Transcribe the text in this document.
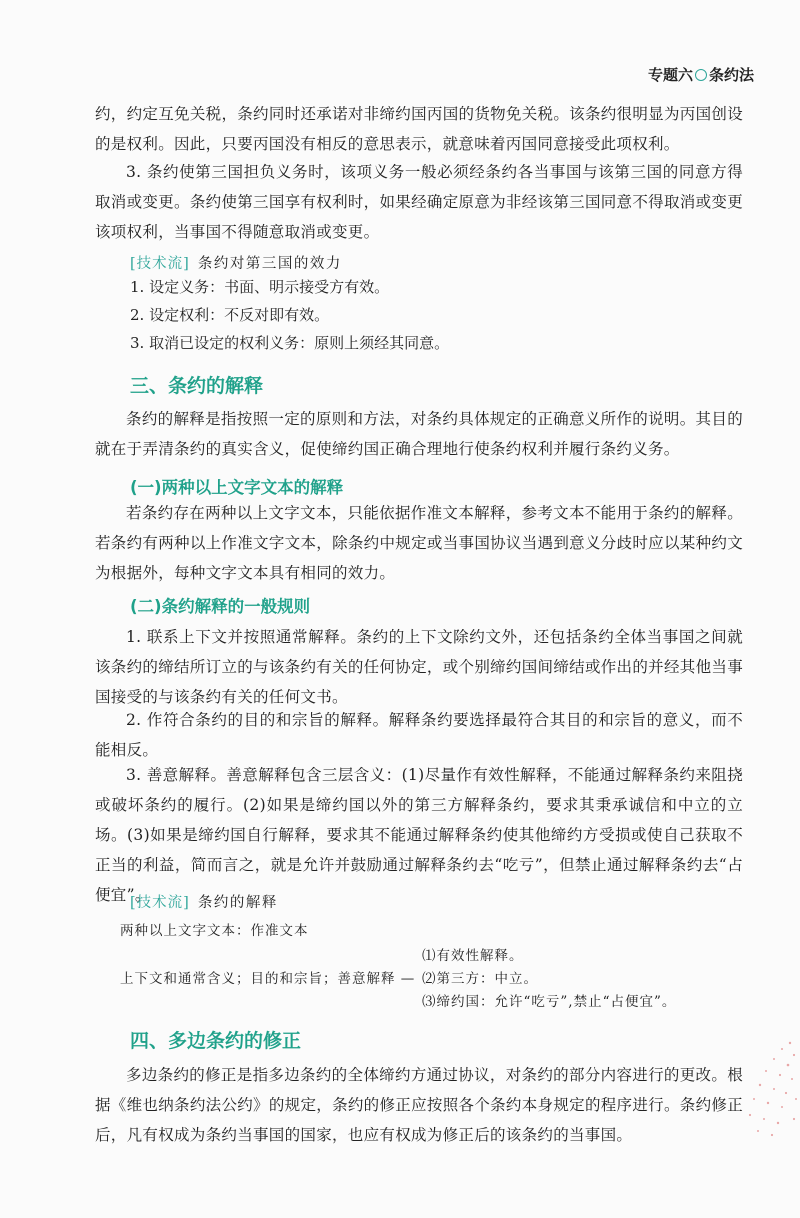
专题六 条约法

约，约定互免关税，条约同时还承诺对非缔约国丙国的货物免关税。该条约很明显为丙国创设的是权利。因此，只要丙国没有相反的意思表示，就意味着丙国同意接受此项权利。

3. 条约使第三国担负义务时，该项义务一般必须经条约各当事国与该第三国的同意方得取消或变更。条约使第三国享有权利时，如果经确定原意为非经该第三国同意不得取消或变更该项权利，当事国不得随意取消或变更。

[技术流] 条约对第三国的效力
1. 设定义务：书面、明示接受方有效。
2. 设定权利：不反对即有效。
3. 取消已设定的权利义务：原则上须经其同意。
三、条约的解释

条约的解释是指按照一定的原则和方法，对条约具体规定的正确意义所作的说明。其目的就在于弄清条约的真实含义，促使缔约国正确合理地行使条约权利并履行条约义务。

(一)两种以上文字文本的解释

若条约存在两种以上文字文本，只能依据作准文本解释，参考文本不能用于条约的解释。若条约有两种以上作准文字文本，除条约中规定或当事国协议当遇到意义分歧时应以某种约文为根据外，每种文字文本具有相同的效力。

(二)条约解释的一般规则

1. 联系上下文并按照通常解释。条约的上下文除约文外，还包括条约全体当事国之间就该条约的缔结所订立的与该条约有关的任何协定，或个别缔约国间缔结或作出的并经其他当事国接受的与该条约有关的任何文书。

2. 作符合条约的目的和宗旨的解释。解释条约要选择最符合其目的和宗旨的意义，而不能相反。

3. 善意解释。善意解释包含三层含义：(1)尽量作有效性解释，不能通过解释条约来阻挠或破坏条约的履行。(2)如果是缔约国以外的第三方解释条约，要求其秉承诚信和中立的立场。(3)如果是缔约国自行解释，要求其不能通过解释条约使其他缔约方受损或使自己获取不正当的利益，简而言之，就是允许并鼓励通过解释条约去“吃亏”，但禁止通过解释条约去“占便宜”。

[技术流] 条约的解释
两种以上文字文本：作准文本
上下文和通常含义；目的和宗旨；善意解释 —
⑴有效性解释。
⑵第三方：中立。
⑶缔约国：允许“吃亏”,禁止“占便宜”。
四、多边条约的修正

多边条约的修正是指多边条约的全体缔约方通过协议，对条约的部分内容进行的更改。根据《维也纳条约法公约》的规定，条约的修正应按照各个条约本身规定的程序进行。条约修正后，凡有权成为条约当事国的国家，也应有权成为修正后的该条约的当事国。
